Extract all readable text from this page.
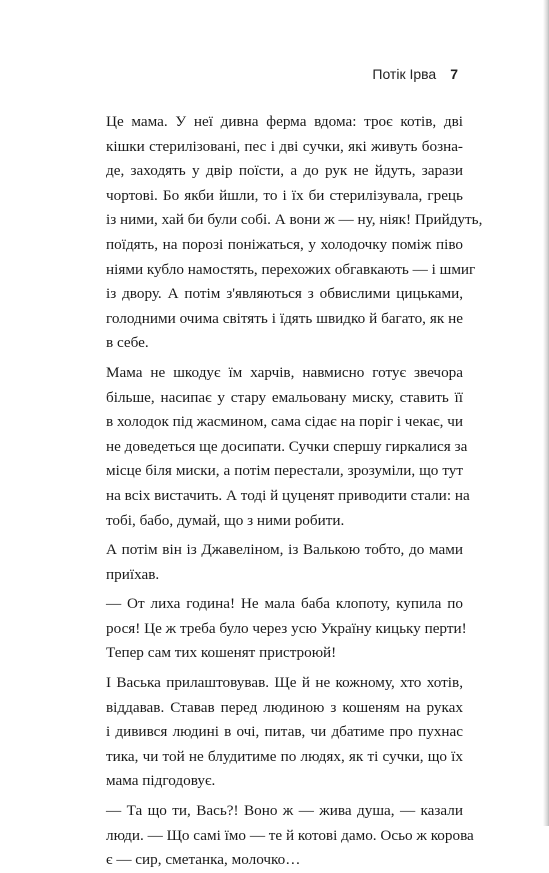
Потік Ірва 7

Це мама. У неї дивна ферма вдома: троє котів, дві
кішки стерилізовані, пес і дві сучки, які живуть бозна-
де, заходять у двір поїсти, а до рук не йдуть, зарази
чортові. Бо якби йшли, то і їх би стерилізувала, грець
із ними, хай би були собі. А вони ж — ну, ніяк! Прийдуть,
поїдять, на порозі поніжаться, у холодочку поміж піво
ніями кубло намостять, перехожих обгавкають — і шмиг
із двору. А потім з'являються з обвислими цицьками,
голодними очима світять і їдять швидко й багато, як не
в себе.

Мама не шкодує їм харчів, навмисно готує звечора
більше, насипає у стару емальовану миску, ставить її
в холодок під жасмином, сама сідає на поріг і чекає, чи
не доведеться ще досипати. Сучки спершу гиркалися за
місце біля миски, а потім перестали, зрозуміли, що тут
на всіх вистачить. А тоді й цуценят приводити стали: на
тобі, бабо, думай, що з ними робити.

А потім він із Джавеліном, із Валькою тобто, до мами
приїхав.

— От лиха година! Не мала баба клопоту, купила по
рося! Це ж треба було через усю Україну кицьку перти!
Тепер сам тих кошенят пристроюй!

І Васька прилаштовував. Ще й не кожному, хто хотів,
віддавав. Ставав перед людиною з кошеням на руках
і дивився людині в очі, питав, чи дбатиме про пухнас
тика, чи той не блудитиме по людях, як ті сучки, що їх
мама підгодовує.

— Та що ти, Вась?! Воно ж — жива душа, — казали
люди. — Що самі їмо — те й котові дамо. Осьо ж корова
є — сир, сметанка, молочко…
